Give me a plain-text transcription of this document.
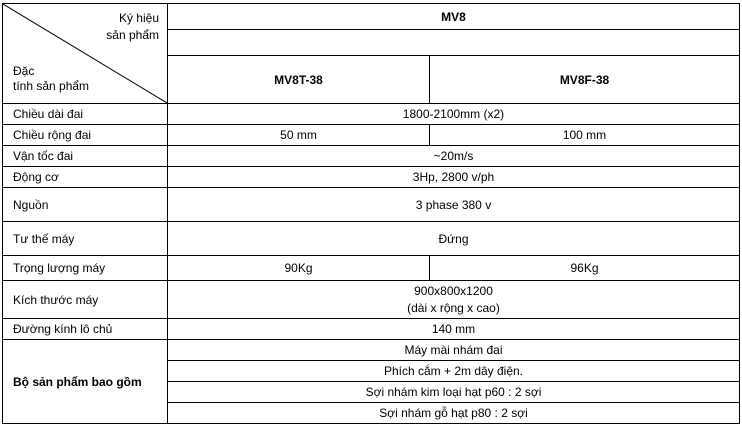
Ký hiệu
sản phẩm
Đặc
tính sản phẩm	MV8	

	MV8T-38	MV8F-38
Chiều dài đai	1800-2100mm (x2)	
Chiều rộng đai	50 mm	100 mm
Vận tốc đai	~20m/s	
Động cơ	3Hp, 2800 v/ph	
Nguồn	3 phase 380 v	
Tư thế máy	Đứng	
Trọng lượng máy	90Kg	96Kg
Kích thước máy	900x800x1200
(dài x rộng x cao)	
Đường kính lô chủ	140 mm	
Bộ sản phẩm bao gồm	Máy mài nhám đai	
	Phích cắm + 2m dây điện.	
	Sợi nhám kim loại hạt p60 : 2 sợi	
	Sợi nhám gỗ hạt p80 : 2 sợi	
